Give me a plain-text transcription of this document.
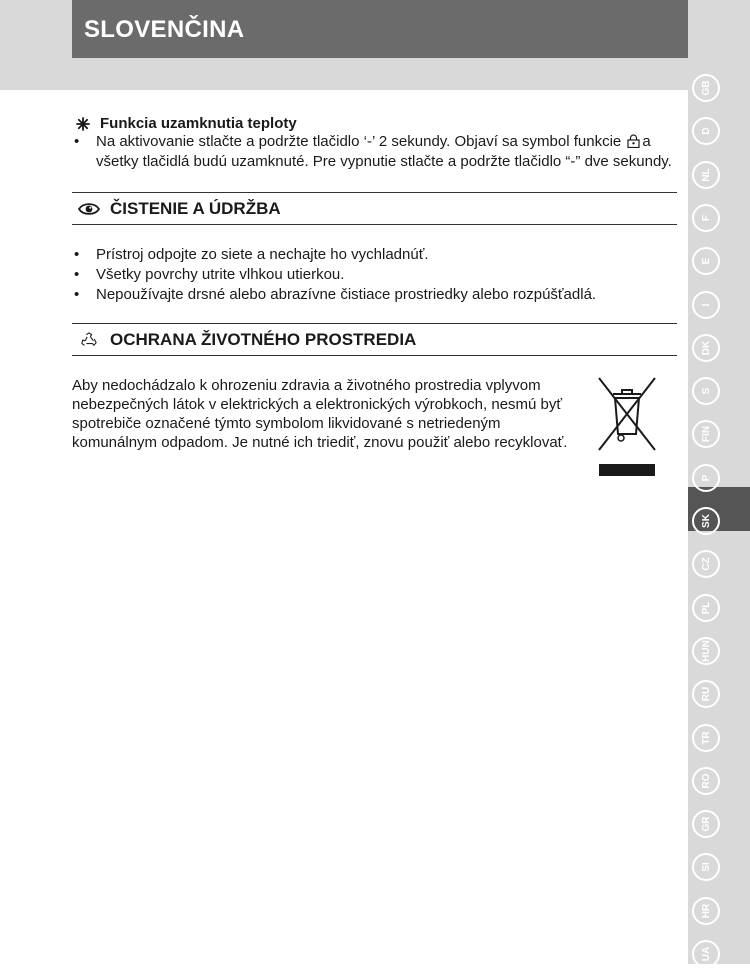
SLOVENČINA
GB
D
NL
F
E
I
DK
S
FIN
P
SK
CZ
PL
HUN
RU
TR
RO
GR
SI
HR
UA
Funkcia uzamknutia teploty
•	Na aktivovanie stlačte a podržte tlačidlo ‘-’ 2 sekundy. Objaví sa symbol funkcie a všetky tlačidlá budú uzamknuté. Pre vypnutie stlačte a podržte tlačidlo “-” dve sekundy.
ČISTENIE A ÚDRŽBA
•	Prístroj odpojte zo siete a nechajte ho vychladnúť.
•	Všetky povrchy utrite vlhkou utierkou.
•	Nepoužívajte drsné alebo abrazívne čistiace prostriedky alebo rozpúšťadlá.
OCHRANA ŽIVOTNÉHO PROSTREDIA
Aby nedochádzalo k ohrozeniu zdravia a životného prostredia vplyvom nebezpečných látok v elektrických a elektronických výrobkoch, nesmú byť spotrebiče označené týmto symbolom likvidované s netriedeným komunálnym odpadom. Je nutné ich triediť, znovu použiť alebo recyklovať.
